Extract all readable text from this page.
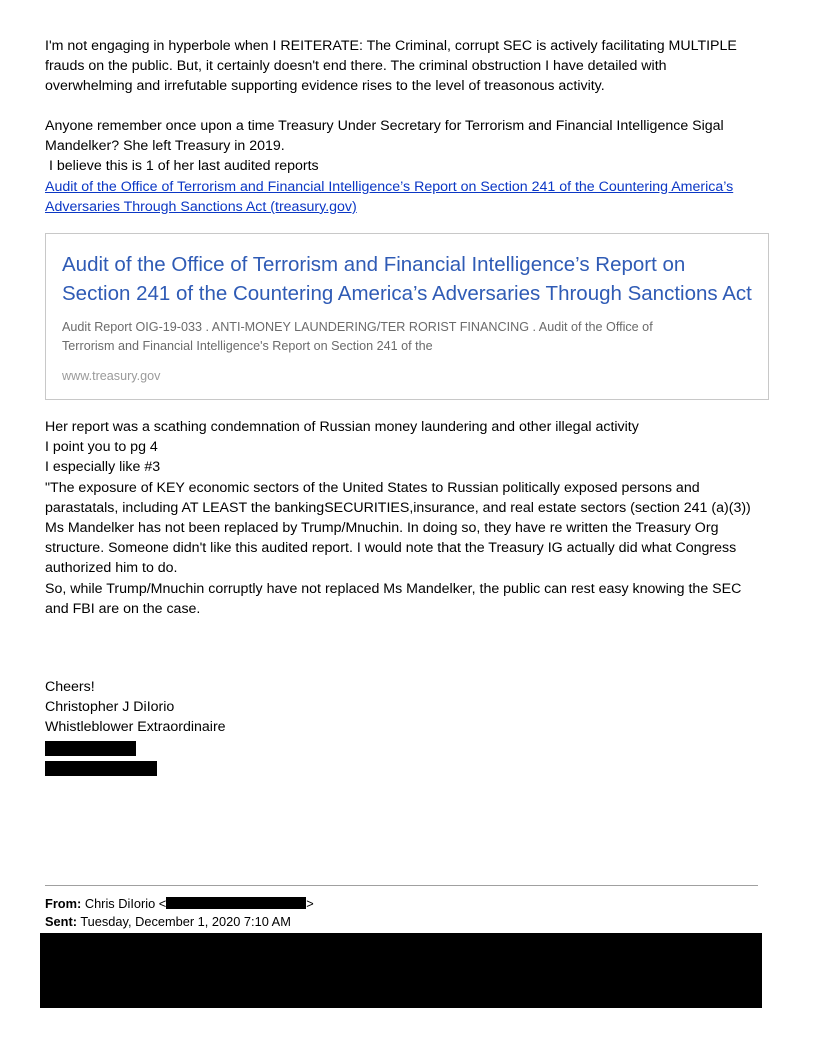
I'm not engaging in hyperbole when I REITERATE: The Criminal, corrupt SEC is actively facilitating MULTIPLE

frauds on the public. But, it certainly doesn't end there. The criminal obstruction I have detailed with

overwhelming and irrefutable supporting evidence rises to the level of treasonous activity.

Anyone remember once upon a time Treasury Under Secretary for Terrorism and Financial Intelligence Sigal

Mandelker? She left Treasury in 2019.

I believe this is 1 of her last audited reports

Audit of the Office of Terrorism and Financial Intelligence’s Report on Section 241 of the Countering America’s
Adversaries Through Sanctions Act (treasury.gov)

Audit of the Office of Terrorism and Financial Intelligence’s Report on
Section 241 of the Countering America’s Adversaries Through Sanctions Act
Audit Report OIG-19-033 . ANTI-MONEY LAUNDERING/TER RORIST FINANCING . Audit of the Office of
Terrorism and Financial Intelligence's Report on Section 241 of the
www.treasury.gov

Her report was a scathing condemnation of Russian money laundering and other illegal activity

I point you to pg 4

I especially like #3

"The exposure of KEY economic sectors of the United States to Russian politically exposed persons and

parastatals, including AT LEAST the bankingSECURITIES,insurance, and real estate sectors (section 241 (a)(3))

Ms Mandelker has not been replaced by Trump/Mnuchin. In doing so, they have re written the Treasury Org

structure. Someone didn't like this audited report. I would note that the Treasury IG actually did what Congress

authorized him to do.

So, while Trump/Mnuchin corruptly have not replaced Ms Mandelker, the public can rest easy knowing the SEC

and FBI are on the case.

Cheers!

Christopher J DiIorio

Whistleblower Extraordinaire

From: Chris DiIorio <	>
Sent: Tuesday, December 1, 2020 7:10 AM
